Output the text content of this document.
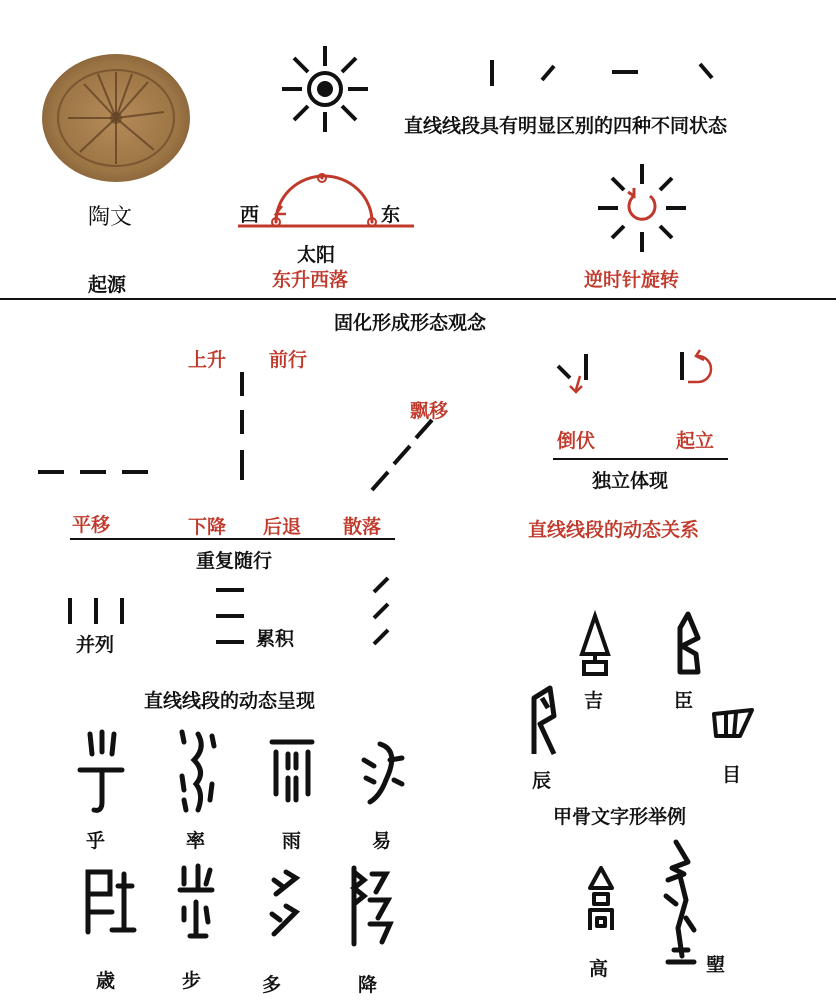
陶文
起源
直线线段具有明显区别的四种不同状态
西	东
太阳
东升西落	逆时针旋转
固化形成形态观念
上升 前行
飘移
平移	下降 后退 散落
重复随行
倒伏	起立
独立体现
直线线段的动态关系
并列	累积
直线线段的动态呈现
乎	率	雨	易
歳	步	多	降
吉	臣
辰	目
甲骨文字形举例
高	朢
